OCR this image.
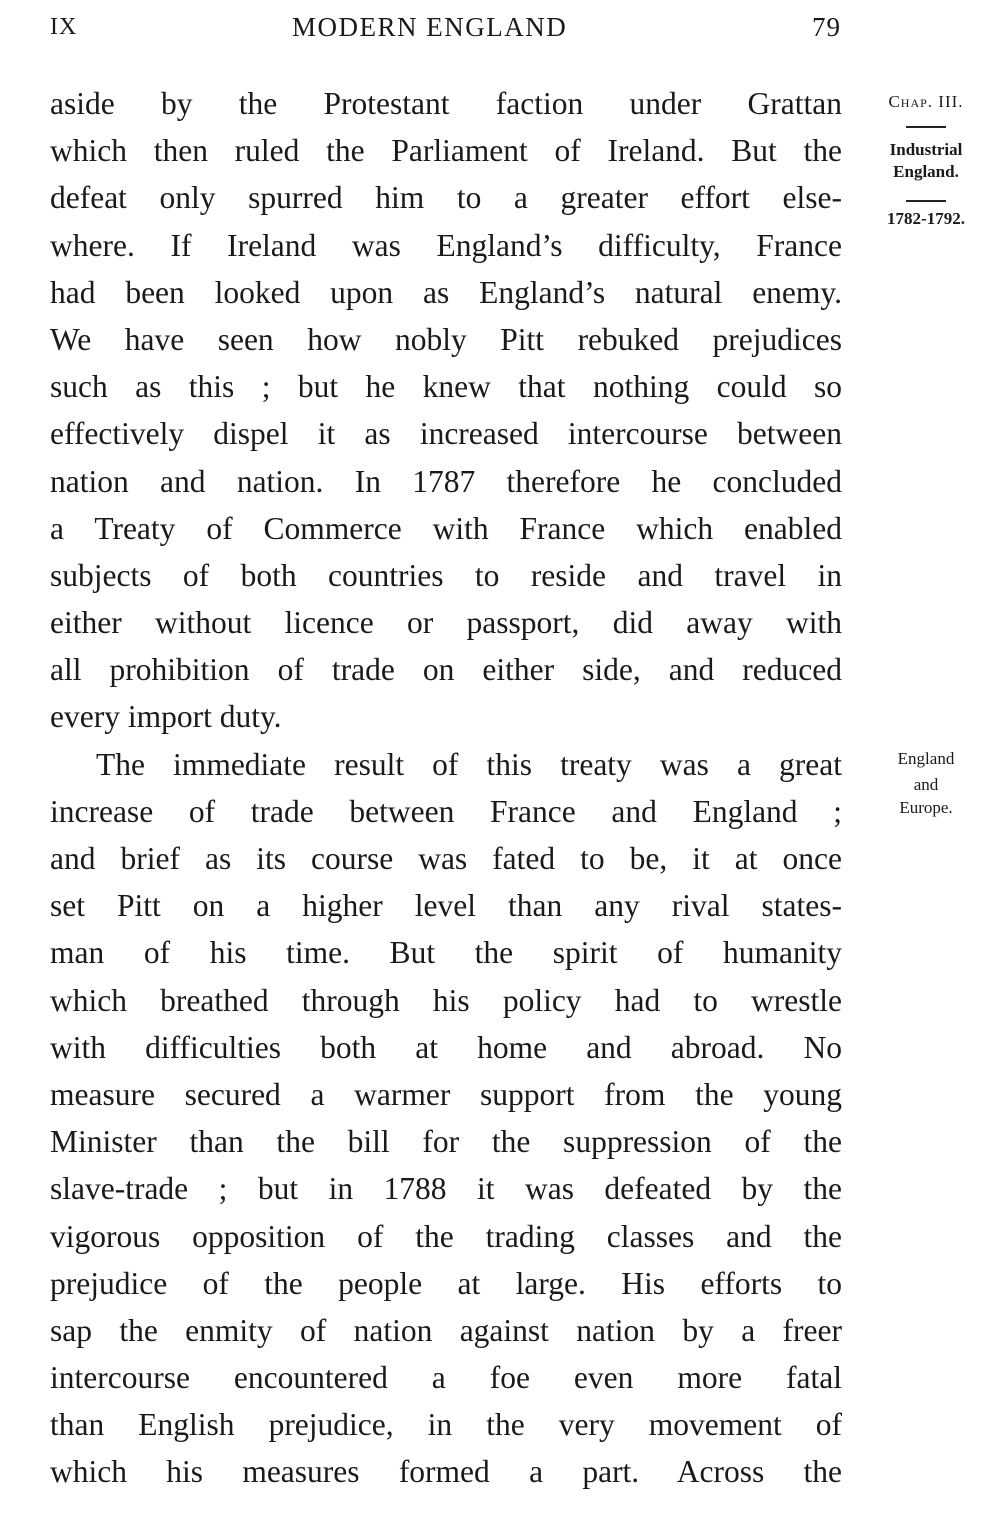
IX	MODERN ENGLAND	79
Chap. III.
Industrial
England.
1782-1792.
England
and
Europe.
aside by the Protestant faction under Grattan
which then ruled the Parliament of Ireland. But the
defeat only spurred him to a greater effort else-
where. If Ireland was England’s difficulty, France
had been looked upon as England’s natural enemy.
We have seen how nobly Pitt rebuked prejudices
such as this ; but he knew that nothing could so
effectively dispel it as increased intercourse between
nation and nation. In 1787 therefore he concluded
a Treaty of Commerce with France which enabled
subjects of both countries to reside and travel in
either without licence or passport, did away with
all prohibition of trade on either side, and reduced
every import duty.
The immediate result of this treaty was a great
increase of trade between France and England ;
and brief as its course was fated to be, it at once
set Pitt on a higher level than any rival states-
man of his time. But the spirit of humanity
which breathed through his policy had to wrestle
with difficulties both at home and abroad. No
measure secured a warmer support from the young
Minister than the bill for the suppression of the
slave-trade ; but in 1788 it was defeated by the
vigorous opposition of the trading classes and the
prejudice of the people at large. His efforts to
sap the enmity of nation against nation by a freer
intercourse encountered a foe even more fatal
than English prejudice, in the very movement of
which his measures formed a part. Across the
